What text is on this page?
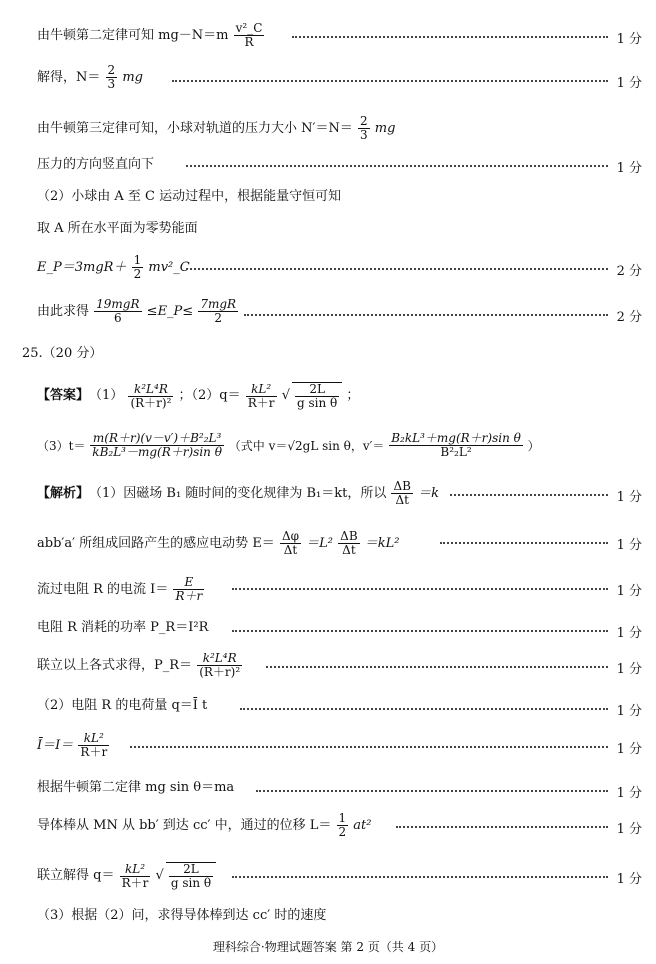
由牛顿第二定律可知 $mg-N=m \frac{\text{v²\_C}}{R}$	1 分
解得，$N= \frac{2}{3}$ mg	1 分
由牛顿第三定律可知，小球对轨道的压力大小 $N'=N= \frac{2}{3}$ mg
压力的方向竖直向下	1 分
（2）小球由 A 至 C 运动过程中，根据能量守恒可知
取 A 所在水平面为零势能面
E_P＝3mgR＋ $\frac{1}{2}$ mv²_C	2 分
由此求得 $\frac{\text{19mgR}}{6}$ ≤E_P≤ $\frac{\text{7mgR}}{2}$	2 分
25.（20 分）
【答案】$(1) \frac{\text{k²L⁴R}}{\text{(R＋r)²}}$ ；$(2)q= \frac{\text{kL²}}{R+r}$ √ $\frac{2L}{\text{g sin θ}}$ ；
$(3)t= \frac{\text{m(R＋r)(v－v′)＋B²₂L³}}{\text{kB₂L³－mg(R＋r)sin θ}}$ （式中 v＝√2gL sin θ，$v'= \frac{\text{B₂kL³＋mg(R＋r)sin θ}}{\text{B²₂L²}}$ ）
【解析】（1）因磁场 B₁ 随时间的变化规律为 B₁＝kt，所以 $\frac{\Delta B}{\Delta t} =k$	1 分
abb′a′ 所组成回路产生的感应电动势 $E= \frac{\Delta\varphi}{\Delta t} =L^2 \frac{\Delta B}{\Delta t} =kL^2$	1 分
流过电阻 R 的电流 $I= \frac{E}{R+r}$	1 分
电阻 R 消耗的功率 P_R＝I²R	1 分
联立以上各式求得，P_R＝ $\frac{\text{k²L⁴R}}{\text{(R＋r)²}}$	1 分
（2）电阻 R 的电荷量 q＝Ī t	1 分
Ī＝I＝ $\frac{\text{kL²}}{R+r}$	1 分
根据牛顿第二定律 mg sin θ＝ma	1 分
导体棒从 MN 从 bb′ 到达 cc′ 中，通过的位移 $L= \frac{1}{2} at^2$	1 分
联立解得 $q= \frac{\text{kL²}}{R+r}$ √ $\frac{2L}{\text{g sin θ}}$	1 分
（3）根据（2）问，求得导体棒到达 cc′ 时的速度
理科综合·物理试题答案 第 2 页（共 4 页）
